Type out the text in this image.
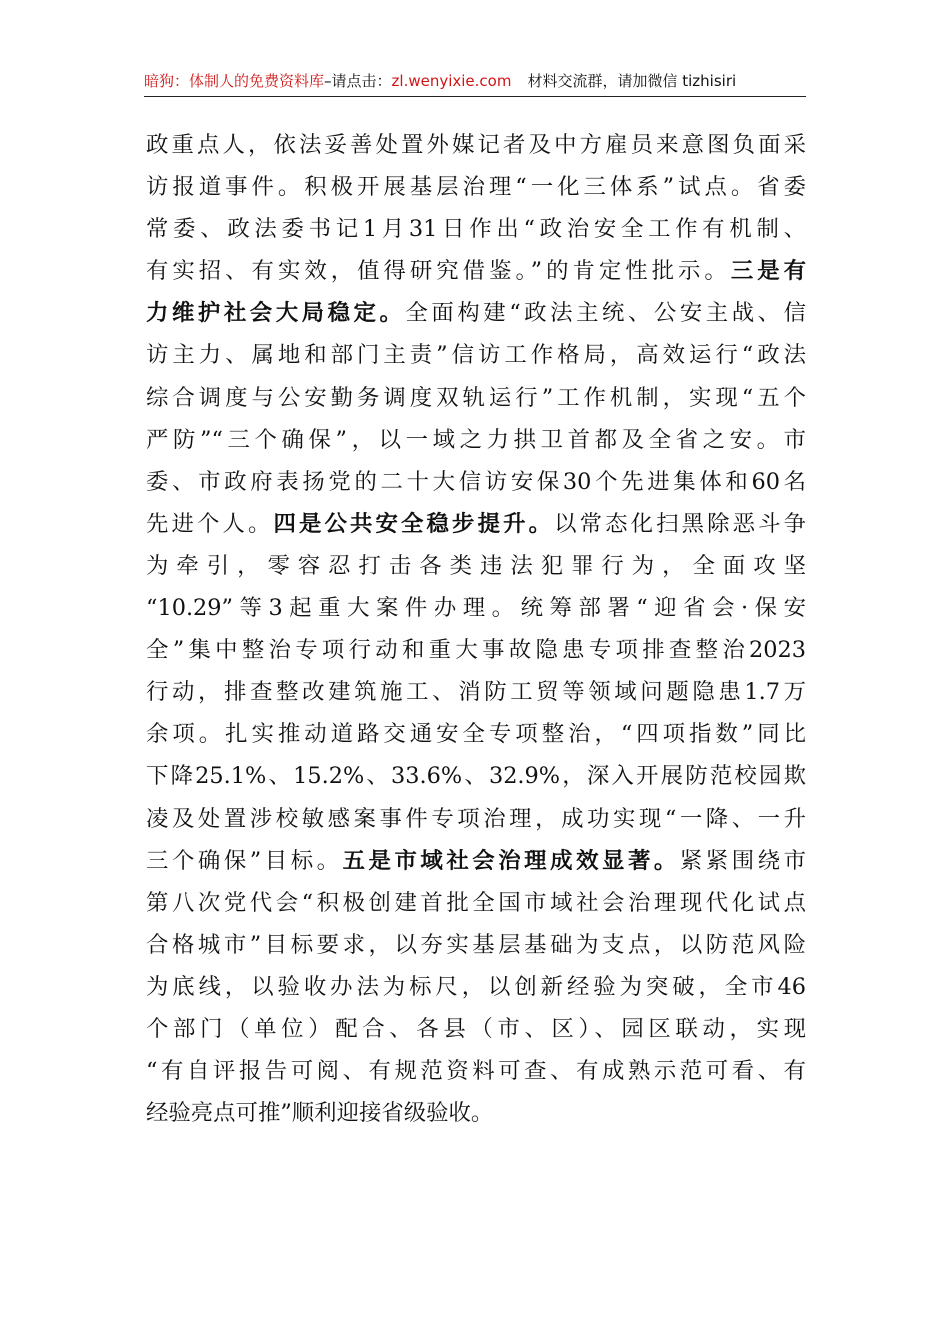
暗狗：体制人的免费资料库–请点击：zl.wenyixie.com 材料交流群，请加微信 tizhisiri
政重点人，依法妥善处置外媒记者及中方雇员来意图负面采
访报道事件。积极开展基层治理“一化三体系”试点。省委
常委、政法委书记1月31日作出“政治安全工作有机制、
有实招、有实效，值得研究借鉴。”的肯定性批示。三是有
力维护社会大局稳定。全面构建“政法主统、公安主战、信
访主力、属地和部门主责”信访工作格局，高效运行“政法
综合调度与公安勤务调度双轨运行”工作机制，实现“五个
严防”“三个确保”，以一域之力拱卫首都及全省之安。市
委、市政府表扬党的二十大信访安保30个先进集体和60名
先进个人。四是公共安全稳步提升。以常态化扫黑除恶斗争
为牵引，零容忍打击各类违法犯罪行为，全面攻坚
“10.29”等3起重大案件办理。统筹部署“迎省会·保安
全”集中整治专项行动和重大事故隐患专项排查整治2023
行动，排查整改建筑施工、消防工贸等领域问题隐患1.7万
余项。扎实推动道路交通安全专项整治，“四项指数”同比
下降25.1%、15.2%、33.6%、32.9%，深入开展防范校园欺
凌及处置涉校敏感案事件专项治理，成功实现“一降、一升
三个确保”目标。五是市域社会治理成效显著。紧紧围绕市
第八次党代会“积极创建首批全国市域社会治理现代化试点
合格城市”目标要求，以夯实基层基础为支点，以防范风险
为底线，以验收办法为标尺，以创新经验为突破，全市46
个部门（单位）配合、各县（市、区）、园区联动，实现
“有自评报告可阅、有规范资料可查、有成熟示范可看、有
经验亮点可推”顺利迎接省级验收。
